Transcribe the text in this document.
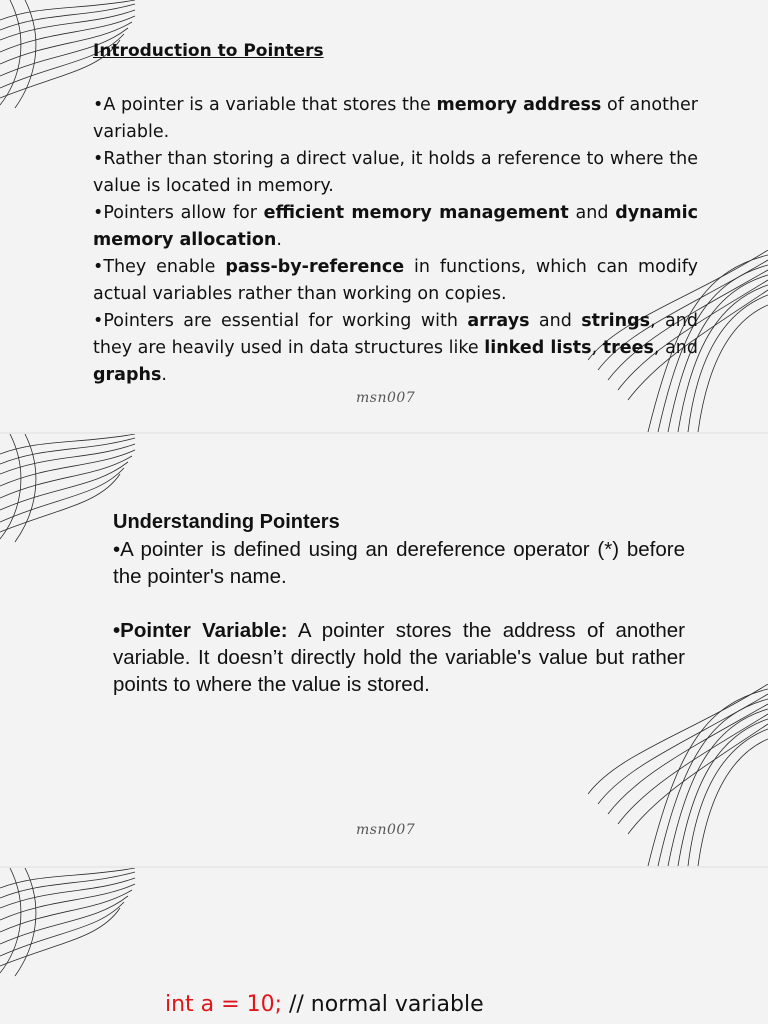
Introduction to Pointers

•A pointer is a variable that stores the memory address of another variable.

•Rather than storing a direct value, it holds a reference to where the value is located in memory.

•Pointers allow for efficient memory management and dynamic memory allocation.

•They enable pass-by-reference in functions, which can modify actual variables rather than working on copies.

•Pointers are essential for working with arrays and strings, and they are heavily used in data structures like linked lists, trees, and graphs.

msn007
Understanding Pointers

•A pointer is defined using an dereference operator (*) before the pointer's name.

•Pointer Variable: A pointer stores the address of another variable. It doesn’t directly hold the variable's value but rather points to where the value is stored.

msn007
int a = 10; // normal variable
